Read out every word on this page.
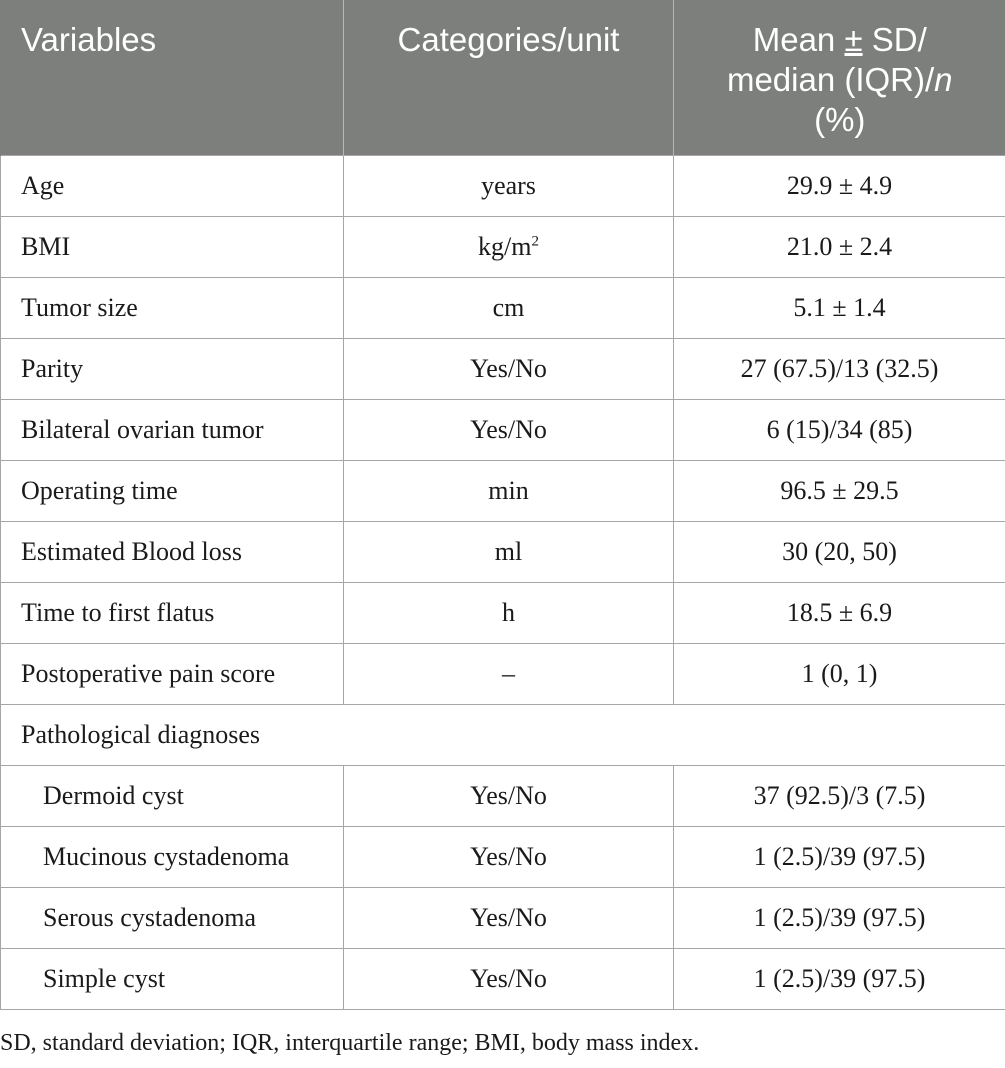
Variables	Categories/unit	Mean ± SD/
median (IQR)/n
(%)
Age	years	29.9 ± 4.9
BMI	$kg/m^2$	21.0 ± 2.4
Tumor size	cm	5.1 ± 1.4
Parity	Yes/No	27 (67.5)/13 (32.5)
Bilateral ovarian tumor	Yes/No	6 (15)/34 (85)
Operating time	min	96.5 ± 29.5
Estimated Blood loss	ml	30 (20, 50)
Time to first flatus	h	18.5 ± 6.9
Postoperative pain score	–	1 (0, 1)
Pathological diagnoses		
Dermoid cyst	Yes/No	37 (92.5)/3 (7.5)
Mucinous cystadenoma	Yes/No	1 (2.5)/39 (97.5)
Serous cystadenoma	Yes/No	1 (2.5)/39 (97.5)
Simple cyst	Yes/No	1 (2.5)/39 (97.5)
SD, standard deviation; IQR, interquartile range; BMI, body mass index.
